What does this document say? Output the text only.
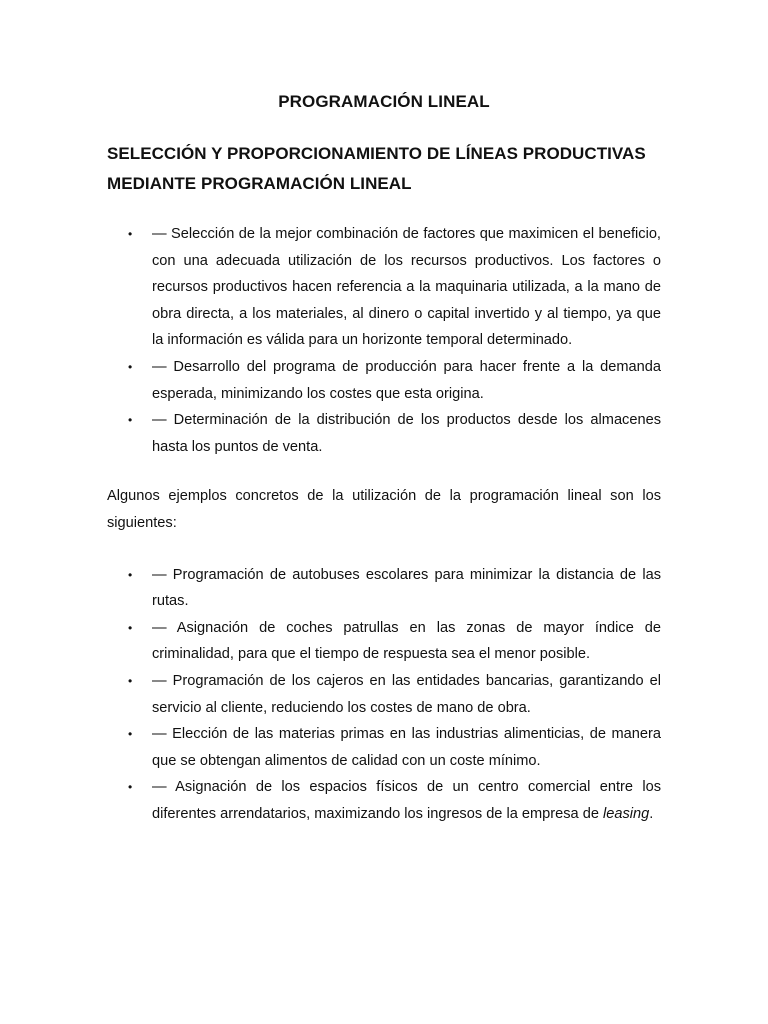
PROGRAMACIÓN LINEAL
SELECCIÓN Y PROPORCIONAMIENTO DE LÍNEAS PRODUCTIVAS MEDIANTE PROGRAMACIÓN LINEAL
• — Selección de la mejor combinación de factores que maximicen el beneficio, con una adecuada utilización de los recursos productivos. Los factores o recursos productivos hacen referencia a la maquinaria utilizada, a la mano de obra directa, a los materiales, al dinero o capital invertido y al tiempo, ya que la información es válida para un horizonte temporal determinado.
• — Desarrollo del programa de producción para hacer frente a la demanda esperada, minimizando los costes que esta origina.
• — Determinación de la distribución de los productos desde los almacenes hasta los puntos de venta.

Algunos ejemplos concretos de la utilización de la programación lineal son los siguientes:

• — Programación de autobuses escolares para minimizar la distancia de las rutas.
• — Asignación de coches patrullas en las zonas de mayor índice de criminalidad, para que el tiempo de respuesta sea el menor posible.
• — Programación de los cajeros en las entidades bancarias, garantizando el servicio al cliente, reduciendo los costes de mano de obra.
• — Elección de las materias primas en las industrias alimenticias, de manera que se obtengan alimentos de calidad con un coste mínimo.
• — Asignación de los espacios físicos de un centro comercial entre los diferentes arrendatarios, maximizando los ingresos de la empresa de leasing.
